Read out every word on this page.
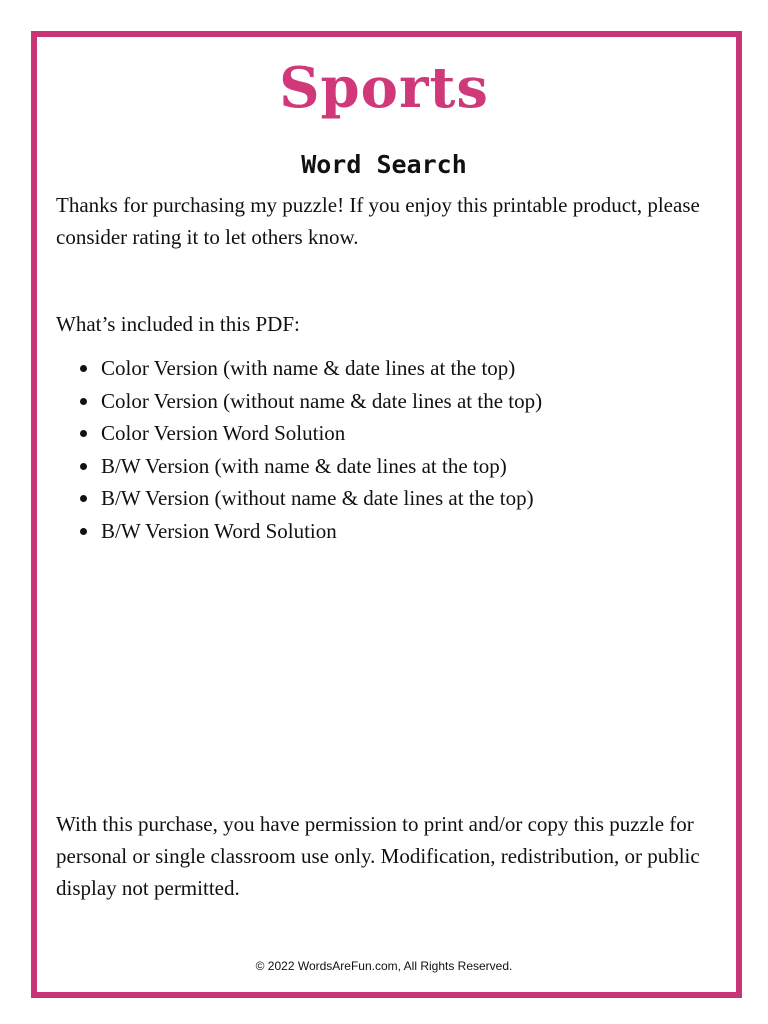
Sports
Word Search

Thanks for purchasing my puzzle! If you enjoy this printable product, please consider rating it to let others know.

What’s included in this PDF:

Color Version (with name & date lines at the top)
Color Version (without name & date lines at the top)
Color Version Word Solution
B/W Version (with name & date lines at the top)
B/W Version (without name & date lines at the top)
B/W Version Word Solution

With this purchase, you have permission to print and/or copy this puzzle for personal or single classroom use only. Modification, redistribution, or public display not permitted.

© 2022 WordsAreFun.com, All Rights Reserved.
